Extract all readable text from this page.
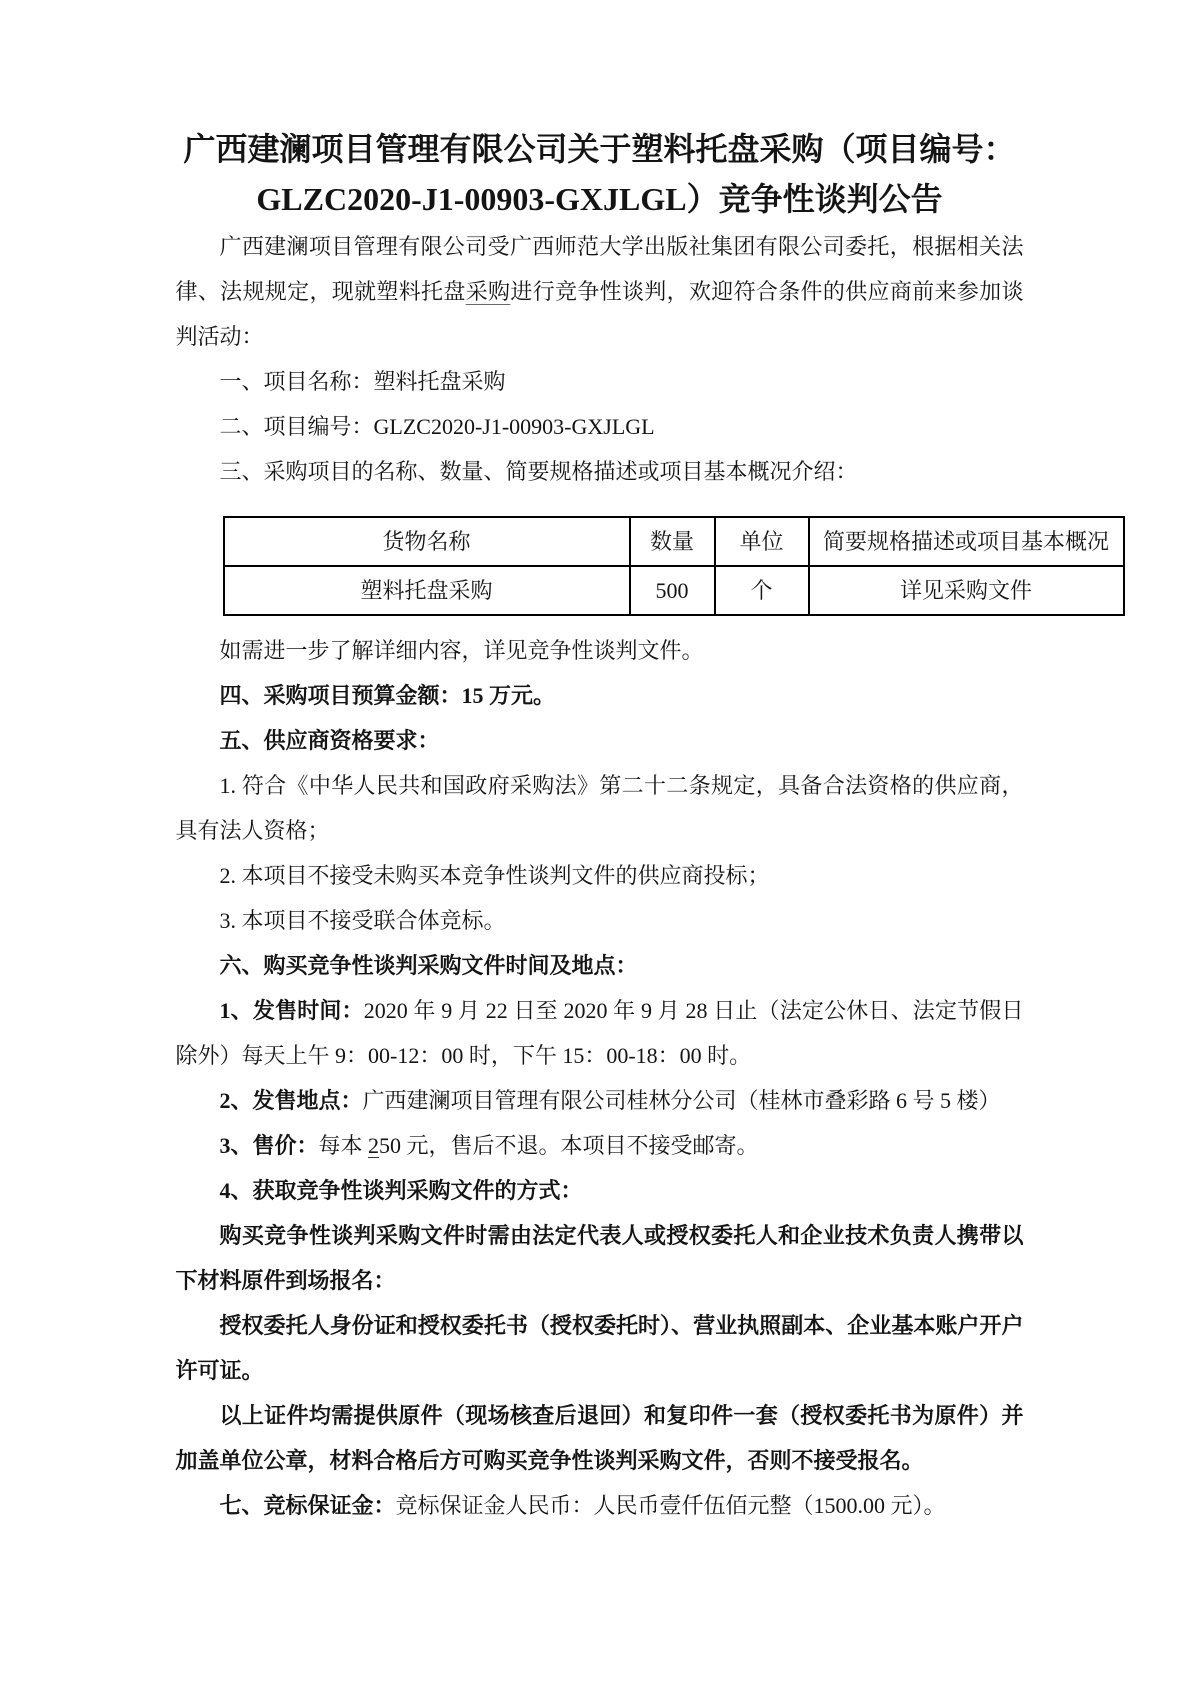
广西建澜项目管理有限公司关于塑料托盘采购（项目编号：
GLZC2020-J1-00903-GXJLGL）竞争性谈判公告

广西建澜项目管理有限公司受广西师范大学出版社集团有限公司委托，根据相关法律、法规规定，现就塑料托盘采购进行竞争性谈判，欢迎符合条件的供应商前来参加谈判活动：

一、项目名称：塑料托盘采购

二、项目编号：GLZC2020-J1-00903-GXJLGL

三、采购项目的名称、数量、简要规格描述或项目基本概况介绍：

货物名称	数量	单位	简要规格描述或项目基本概况
塑料托盘采购	500	个	详见采购文件

如需进一步了解详细内容，详见竞争性谈判文件。

四、采购项目预算金额：15 万元。

五、供应商资格要求：

1. 符合《中华人民共和国政府采购法》第二十二条规定，具备合法资格的供应商，具有法人资格；

2. 本项目不接受未购买本竞争性谈判文件的供应商投标；

3. 本项目不接受联合体竞标。

六、购买竞争性谈判采购文件时间及地点：

1、发售时间：2020 年 9 月 22 日至 2020 年 9 月 28 日止（法定公休日、法定节假日除外）每天上午 9：00-12：00 时，下午 15：00-18：00 时。

2、发售地点：广西建澜项目管理有限公司桂林分公司（桂林市叠彩路 6 号 5 楼）

3、售价：每本 250 元，售后不退。本项目不接受邮寄。

4、获取竞争性谈判采购文件的方式：

购买竞争性谈判采购文件时需由法定代表人或授权委托人和企业技术负责人携带以下材料原件到场报名：

授权委托人身份证和授权委托书（授权委托时）、营业执照副本、企业基本账户开户许可证。

以上证件均需提供原件（现场核查后退回）和复印件一套（授权委托书为原件）并加盖单位公章，材料合格后方可购买竞争性谈判采购文件，否则不接受报名。

七、竞标保证金：竞标保证金人民币：人民币壹仟伍佰元整（1500.00 元）。
